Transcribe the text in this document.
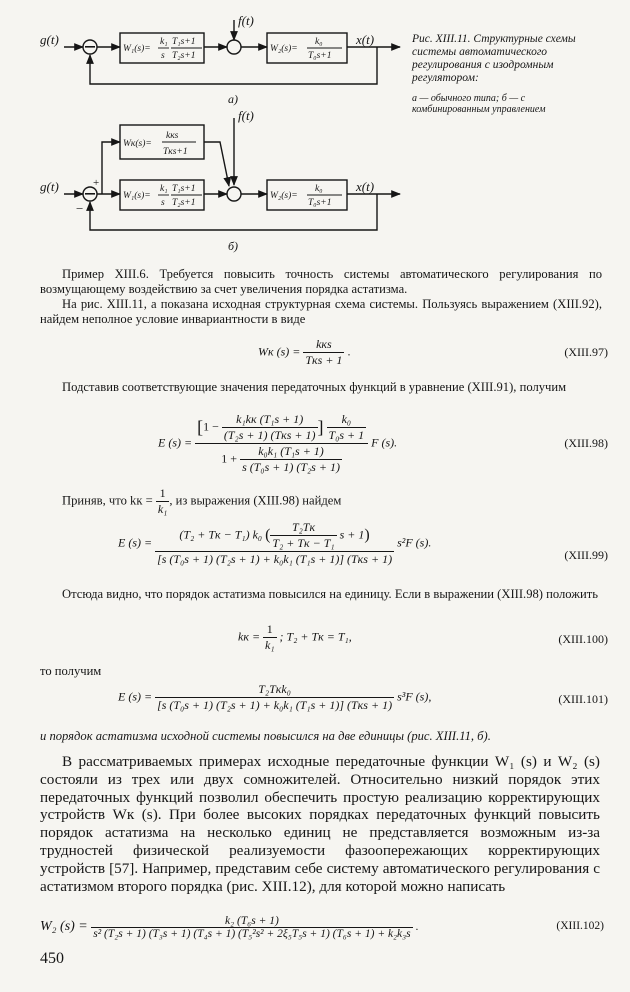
g(t)
f(t)
x(t)
W₁(s)=
k₁
s
T₁s+1
T₂s+1
W₂(s)=
k₀
T₀s+1
а)
f(t)
Wк(s)=
kкs
Tкs+1
g(t)	+
−
x(t)
W₁(s)=
k₁
s
T₁s+1
T₂s+1
W₂(s)=
k₀
T₀s+1
б)
Рис. XIII.11. Структурные схемы системы автоматического регулирования с изодромным регулятором:
а — обычного типа; б — с комбинированным управлением
Пример XIII.6. Требуется повысить точность системы автоматического регулирования по возмущающему воздействию за счет увеличения порядка астатизма.
На рис. XIII.11, а показана исходная структурная схема системы. Пользуясь выражением (XIII.92), найдем неполное условие инвариантности в виде
Wк $(s) = \frac{\text{kкs}}{\text{Tкs + 1}}$ .	(XIII.97)
Подставив соответствующие значения передаточных функций в уравнение (XIII.91), получим
E $(s) = \frac{[1 - \frac{\text{k₁kк (T₁s + 1)}}{\text{(T₂s + 1) (Tкs + 1)}} ] \frac{\text{k₀}}{\text{T₀s + 1}}}{1 + \frac{\text{k₀k₁ (T₁s + 1)}}{\text{s (T₀s + 1) (T₂s + 1)}}}$ F (s).	(XIII.98)
Приняв, что kк = $\frac{1}{\text{k₁}}$ , из выражения (XIII.98) найдем
E $(s) = \frac{(T_2 + Tк - T_1) k_0 ( \frac{\text{T₂Tк}}{\text{T₂ + Tк − T₁}} s + 1)}{\text{[s (T₀s + 1) (T₂s + 1) + k₀k₁ (T₁s + 1)] (Tкs + 1)}} s^2F$ (s).
(XIII.99)
Отсюда видно, что порядок астатизма повысился на единицу. Если в выражении (XIII.98) положить
kк = $\frac{1}{\text{k₁}}$ ; T₂ + Tк = T₁,	(XIII.100)
то получим
E $(s) = \frac{\text{T₂Tкk₀}}{\text{[s (T₀s + 1) (T₂s + 1) + k₀k₁ (T₁s + 1)] (Tкs + 1)}} s^3F$ (s),	(XIII.101)
и порядок астатизма исходной системы повысился на две единицы (рис. XIII.11, б).
В рассматриваемых примерах исходные передаточные функции W₁ (s) и W₂ (s) состояли из трех или двух сомножителей. Относительно низкий порядок этих передаточных функций позволил обеспечить простую реализацию корректирующих устройств Wк (s). При более высоких порядках передаточных функций повысить порядок астатизма на несколько единиц не представляется возможным из-за трудностей физической реализуемости фазоопережающих корректирующих устройств [57]. Например, представим себе систему автоматического регулирования с астатизмом второго порядка (рис. XIII.12), для которой можно написать
W₂ (s) =	k₂ (T₆s + 1)
s² (T₂s + 1) (T₃s + 1) (T₄s + 1) (T₅²s² + 2ξ₅T₅s + 1) (T₆s + 1) + k₂k₃s
.	(XIII.102)
450
